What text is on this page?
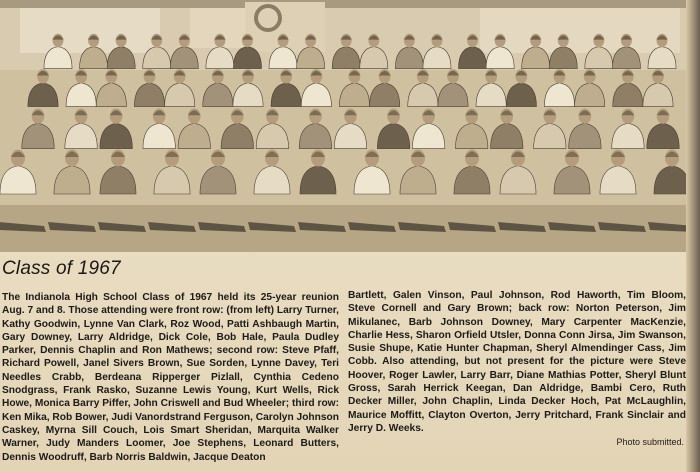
Class of 1967

The Indianola High School Class of 1967 held its 25-year reunion Aug. 7 and 8. Those attending were front row: (from left) Larry Turner, Kathy Goodwin, Lynne Van Clark, Roz Wood, Patti Ashbaugh Martin, Gary Downey, Larry Aldridge, Dick Cole, Bob Hale, Paula Dudley Parker, Dennis Chaplin and Ron Mathews; second row: Steve Pfaff, Richard Powell, Janel Sivers Brown, Sue Sorden, Lynne Davey, Teri Needles Crabb, Berdeana Ripperger Pizlall, Cynthia Cedeno Snodgrass, Frank Rasko, Suzanne Lewis Young, Kurt Wells, Rick Howe, Monica Barry Piffer, John Criswell and Bud Wheeler; third row: Ken Mika, Rob Bower, Judi Vanordstrand Ferguson, Carolyn Johnson Caskey, Myrna Sill Couch, Lois Smart Sheridan, Marquita Walker Warner, Judy Manders Loomer, Joe Stephens, Leonard Butters, Dennis Woodruff, Barb Norris Baldwin, Jacque Deaton

Bartlett, Galen Vinson, Paul Johnson, Rod Haworth, Tim Bloom, Steve Cornell and Gary Brown; back row: Norton Peterson, Jim Mikulanec, Barb Johnson Downey, Mary Carpenter MacKenzie, Charlie Hess, Sharon Orfield Utsler, Donna Conn Jirsa, Jim Swanson, Susie Shupe, Katie Hunter Chapman, Sheryl Almendinger Cass, Jim Cobb. Also attending, but not present for the picture were Steve Hoover, Roger Lawler, Larry Barr, Diane Mathias Potter, Sheryl Blunt Gross, Sarah Herrick Keegan, Dan Aldridge, Bambi Cero, Ruth Decker Miller, John Chaplin, Linda Decker Hoch, Pat McLaughlin, Maurice Moffitt, Clayton Overton, Jerry Pritchard, Frank Sinclair and Jerry D. Weeks.

Photo submitted.
